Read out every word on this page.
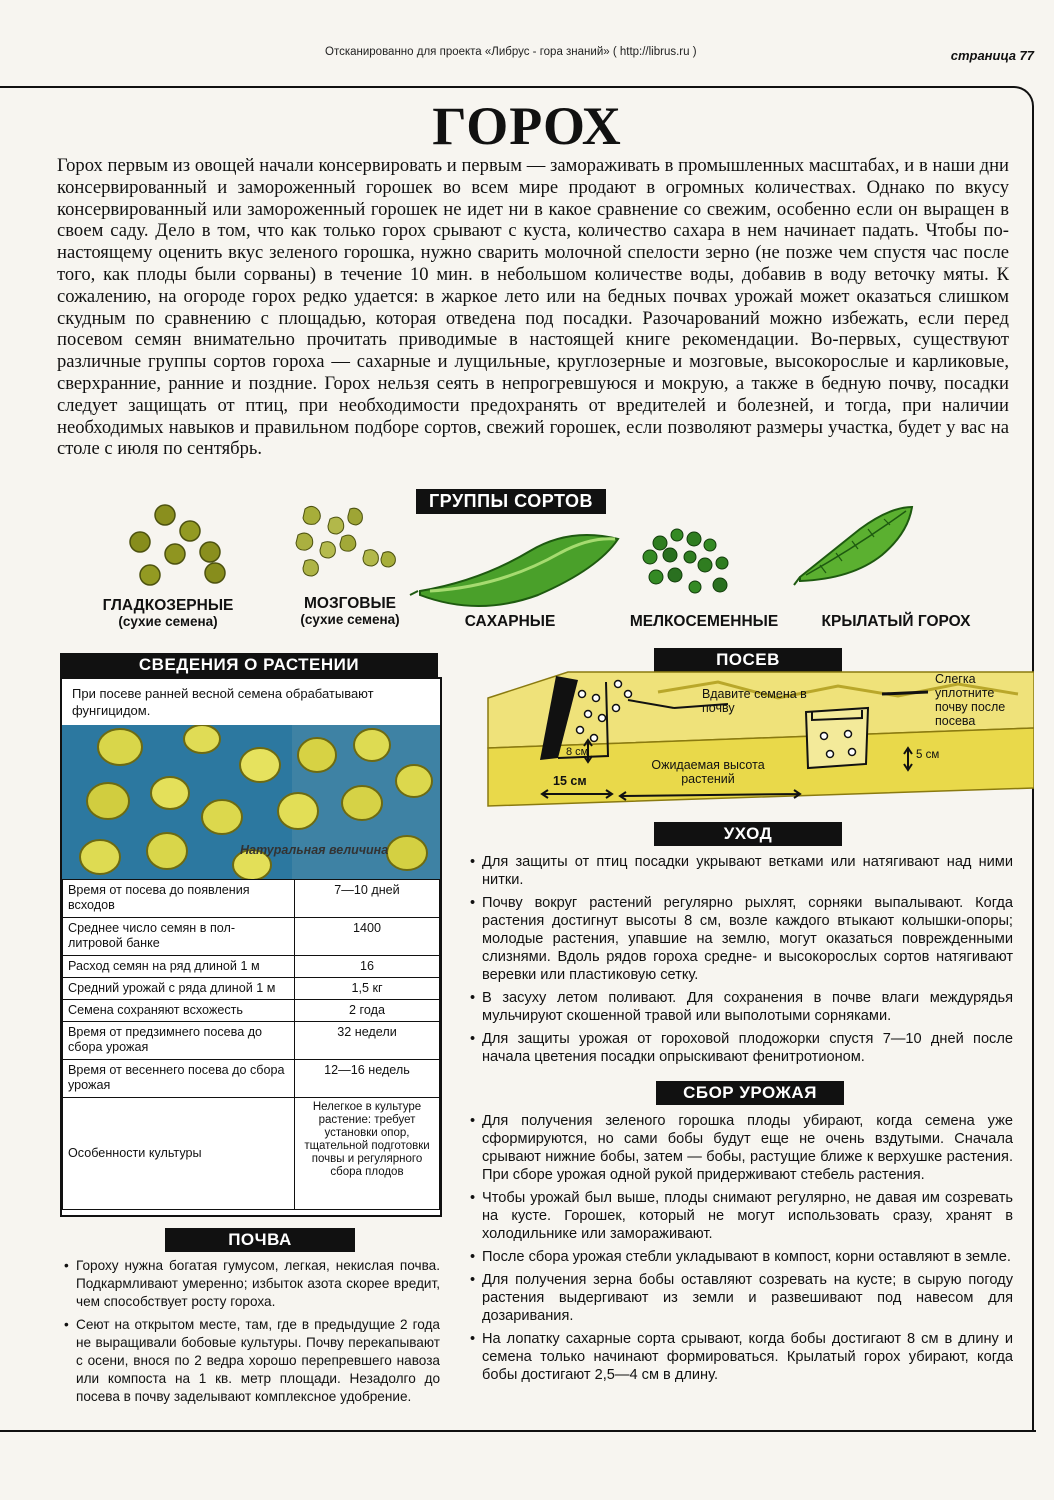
Отсканированно для проекта «Либрус - гора знаний» ( http://librus.ru )	страница 77
ГОРОХ

Горох первым из овощей начали консервировать и первым — замораживать в промышленных масштабах, и в наши дни консервированный и замороженный горошек во всем мире продают в огромных количествах. Однако по вкусу консервированный или замороженный горошек не идет ни в какое сравнение со свежим, особенно если он выращен в своем саду. Дело в том, что как только горох срывают с куста, количество сахара в нем начинает падать. Чтобы по-настоящему оценить вкус зеленого горошка, нужно сварить молочной спелости зерно (не позже чем спустя час после того, как плоды были сорваны) в течение 10 мин. в небольшом количестве воды, добавив в воду веточку мяты. К сожалению, на огороде горох редко удается: в жаркое лето или на бедных почвах урожай может оказаться слишком скудным по сравнению с площадью, которая отведена под посадки. Разочарований можно избежать, если перед посевом семян внимательно прочитать приводимые в настоящей книге рекомендации. Во-первых, существуют различные группы сортов гороха — сахарные и лущильные, круглозерные и мозговые, высокорослые и карликовые, сверхранние, ранние и поздние. Горох нельзя сеять в непрогревшуюся и мокрую, а также в бедную почву, посадки следует защищать от птиц, при необходимости предохранять от вредителей и болезней, и тогда, при наличии необходимых навыков и правильном подборе сортов, свежий горошек, если позволяют размеры участка, будет у вас на столе с июля по сентябрь.

ГРУППЫ СОРТОВ
ГЛАДКОЗЕРНЫЕ
(сухие семена)
МОЗГОВЫЕ
(сухие семена)	САХАРНЫЕ	МЕЛКОСЕМЕННЫЕ	КРЫЛАТЫЙ ГОРОХ
СВЕДЕНИЯ О РАСТЕНИИ
При посеве ранней весной семена обрабатывают фунгицидом.
Натуральная величина
Время от посева до появления всходов	7—10 дней
Среднее число семян в пол-литровой банке	1400
Расход семян на ряд длиной 1 м	16
Средний урожай с ряда длиной 1 м	1,5 кг
Семена сохраняют всхожесть	2 года
Время от предзимнего посева до сбора урожая	32 недели
Время от весеннего посева до сбора урожая	12—16 недель
Особенности культуры	Нелегкое в культуре растение: требует установки опор, тщательной подготовки почвы и регулярного сбора плодов
ПОЧВА
• Гороху нужна богатая гумусом, легкая, некислая почва. Подкармливают умеренно; избыток азота скорее вредит, чем способствует росту гороха.
• Сеют на открытом месте, там, где в предыдущие 2 года не выращивали бобовые культуры. Почву перекапывают с осени, внося по 2 ведра хорошо перепревшего навоза или компоста на 1 кв. метр площади. Незадолго до посева в почву заделывают комплексное удобрение.
ПОСЕВ
Вдавите семена в почву
Слегка уплотните почву после посева
8 см
15 см
Ожидаемая высота растений
5 см
УХОД
• Для защиты от птиц посадки укрывают ветками или натягивают над ними нитки.
• Почву вокруг растений регулярно рыхлят, сорняки выпалывают. Когда растения достигнут высоты 8 см, возле каждого втыкают колышки-опоры; молодые растения, упавшие на землю, могут оказаться поврежденными слизнями. Вдоль рядов гороха средне- и высокорослых сортов натягивают веревки или пластиковую сетку.
• В засуху летом поливают. Для сохранения в почве влаги междурядья мульчируют скошенной травой или выполотыми сорняками.
• Для защиты урожая от гороховой плодожорки спустя 7—10 дней после начала цветения посадки опрыскивают фенитротионом.
СБОР УРОЖАЯ
• Для получения зеленого горошка плоды убирают, когда семена уже сформируются, но сами бобы будут еще не очень вздутыми. Сначала срывают нижние бобы, затем — бобы, растущие ближе к верхушке растения. При сборе урожая одной рукой придерживают стебель растения.
• Чтобы урожай был выше, плоды снимают регулярно, не давая им созревать на кусте. Горошек, который не могут использовать сразу, хранят в холодильнике или замораживают.
• После сбора урожая стебли укладывают в компост, корни оставляют в земле.
• Для получения зерна бобы оставляют созревать на кусте; в сырую погоду растения выдергивают из земли и развешивают под навесом для дозаривания.
• На лопатку сахарные сорта срывают, когда бобы достигают 8 см в длину и семена только начинают формироваться. Крылатый горох убирают, когда бобы достигают 2,5—4 см в длину.
